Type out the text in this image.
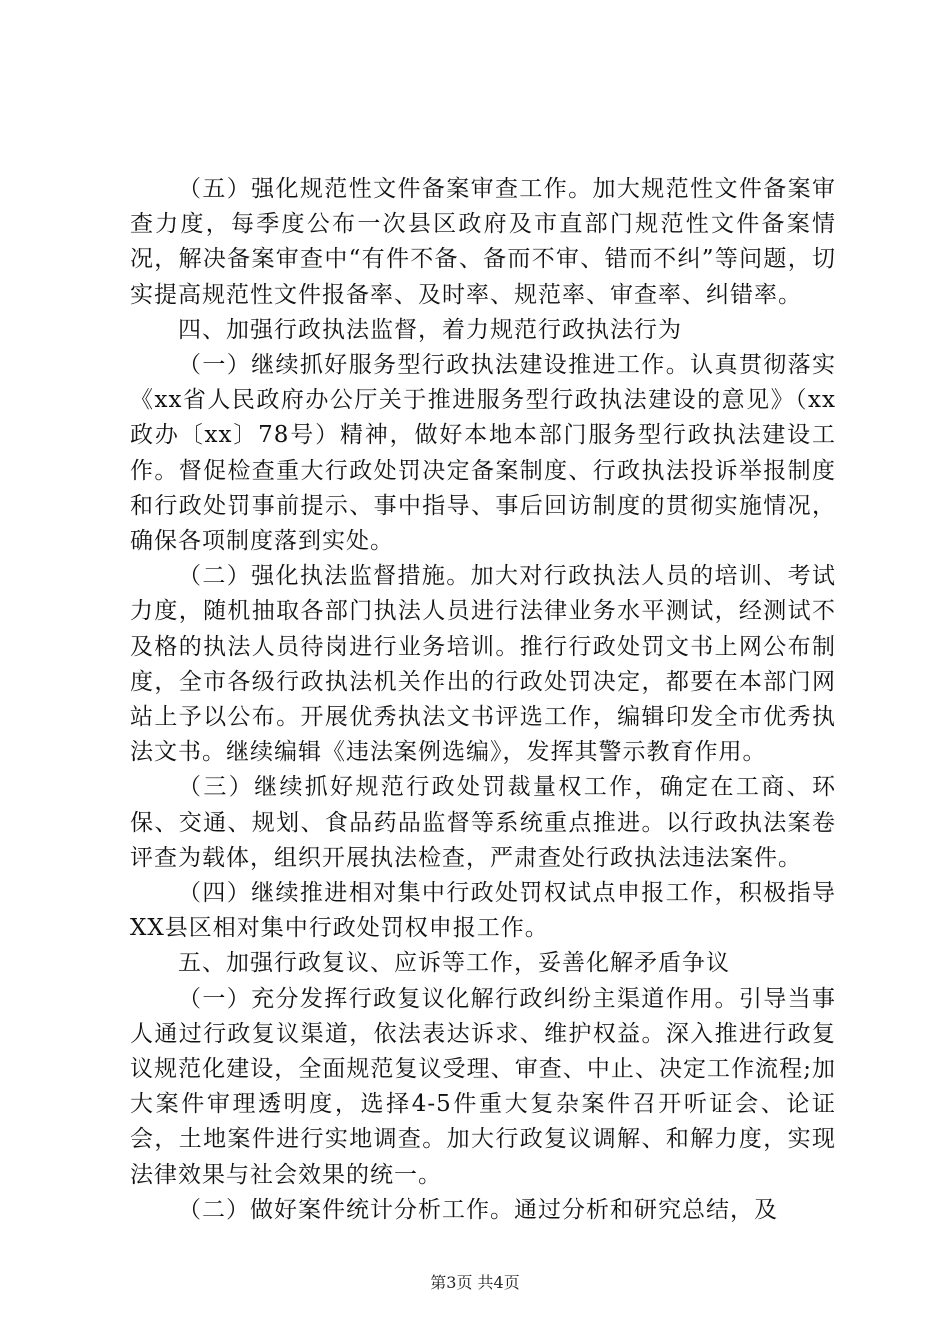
（五）强化规范性文件备案审查工作。加大规范性文件备案审查力度，每季度公布一次县区政府及市直部门规范性文件备案情况，解决备案审查中“有件不备、备而不审、错而不纠”等问题，切实提高规范性文件报备率、及时率、规范率、审查率、纠错率。

四、加强行政执法监督，着力规范行政执法行为

（一）继续抓好服务型行政执法建设推进工作。认真贯彻落实《xx省人民政府办公厅关于推进服务型行政执法建设的意见》（xx政办〔xx〕78号）精神，做好本地本部门服务型行政执法建设工作。督促检查重大行政处罚决定备案制度、行政执法投诉举报制度和行政处罚事前提示、事中指导、事后回访制度的贯彻实施情况，确保各项制度落到实处。

（二）强化执法监督措施。加大对行政执法人员的培训、考试力度，随机抽取各部门执法人员进行法律业务水平测试，经测试不及格的执法人员待岗进行业务培训。推行行政处罚文书上网公布制度，全市各级行政执法机关作出的行政处罚决定，都要在本部门网站上予以公布。开展优秀执法文书评选工作，编辑印发全市优秀执法文书。继续编辑《违法案例选编》，发挥其警示教育作用。

（三）继续抓好规范行政处罚裁量权工作，确定在工商、环保、交通、规划、食品药品监督等系统重点推进。以行政执法案卷评查为载体，组织开展执法检查，严肃查处行政执法违法案件。

（四）继续推进相对集中行政处罚权试点申报工作，积极指导XX县区相对集中行政处罚权申报工作。

五、加强行政复议、应诉等工作，妥善化解矛盾争议

（一）充分发挥行政复议化解行政纠纷主渠道作用。引导当事人通过行政复议渠道，依法表达诉求、维护权益。深入推进行政复议规范化建设，全面规范复议受理、审查、中止、决定工作流程;加大案件审理透明度，选择4-5件重大复杂案件召开听证会、论证会，土地案件进行实地调查。加大行政复议调解、和解力度，实现法律效果与社会效果的统一。

（二）做好案件统计分析工作。通过分析和研究总结，及

第3页 共4页
